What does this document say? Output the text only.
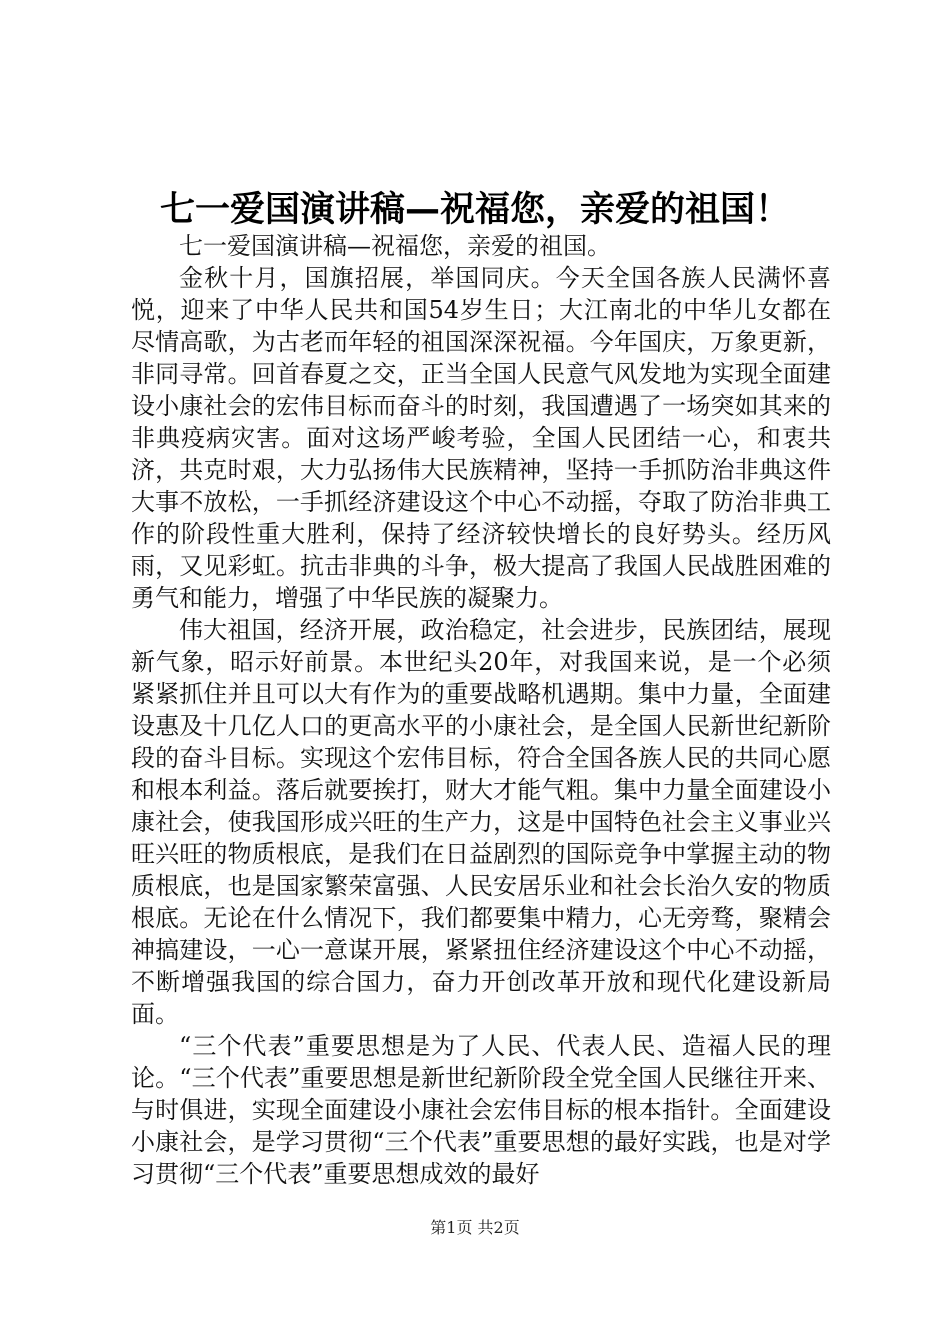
七一爱国演讲稿—祝福您，亲爱的祖国！

七一爱国演讲稿—祝福您，亲爱的祖国。

金秋十月，国旗招展，举国同庆。今天全国各族人民满怀喜悦，迎来了中华人民共和国54岁生日；大江南北的中华儿女都在尽情高歌，为古老而年轻的祖国深深祝福。今年国庆，万象更新，非同寻常。回首春夏之交，正当全国人民意气风发地为实现全面建设小康社会的宏伟目标而奋斗的时刻，我国遭遇了一场突如其来的非典疫病灾害。面对这场严峻考验，全国人民团结一心，和衷共济，共克时艰，大力弘扬伟大民族精神，坚持一手抓防治非典这件大事不放松，一手抓经济建设这个中心不动摇，夺取了防治非典工作的阶段性重大胜利，保持了经济较快增长的良好势头。经历风雨，又见彩虹。抗击非典的斗争，极大提高了我国人民战胜困难的勇气和能力，增强了中华民族的凝聚力。

伟大祖国，经济开展，政治稳定，社会进步，民族团结，展现新气象，昭示好前景。本世纪头20年，对我国来说，是一个必须紧紧抓住并且可以大有作为的重要战略机遇期。集中力量，全面建设惠及十几亿人口的更高水平的小康社会，是全国人民新世纪新阶段的奋斗目标。实现这个宏伟目标，符合全国各族人民的共同心愿和根本利益。落后就要挨打，财大才能气粗。集中力量全面建设小康社会，使我国形成兴旺的生产力，这是中国特色社会主义事业兴旺兴旺的物质根底，是我们在日益剧烈的国际竞争中掌握主动的物质根底，也是国家繁荣富强、人民安居乐业和社会长治久安的物质根底。无论在什么情况下，我们都要集中精力，心无旁骛，聚精会神搞建设，一心一意谋开展，紧紧扭住经济建设这个中心不动摇，不断增强我国的综合国力，奋力开创改革开放和现代化建设新局面。

“三个代表”重要思想是为了人民、代表人民、造福人民的理论。“三个代表”重要思想是新世纪新阶段全党全国人民继往开来、与时俱进，实现全面建设小康社会宏伟目标的根本指针。全面建设小康社会，是学习贯彻“三个代表”重要思想的最好实践，也是对学习贯彻“三个代表”重要思想成效的最好

第1页 共2页
